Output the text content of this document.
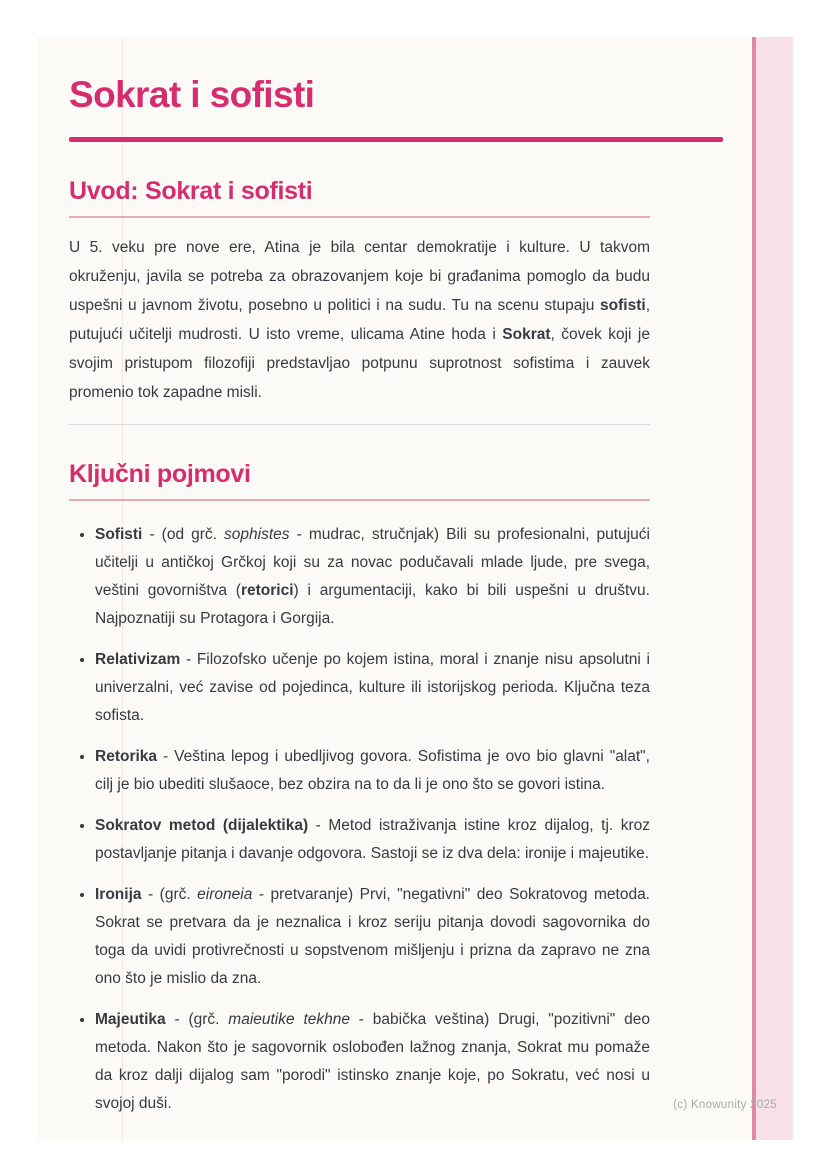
Sokrat i sofisti
Uvod: Sokrat i sofisti

U 5. veku pre nove ere, Atina je bila centar demokratije i kulture. U takvom okruženju, javila se potreba za obrazovanjem koje bi građanima pomoglo da budu uspešni u javnom životu, posebno u politici i na sudu. Tu na scenu stupaju sofisti, putujući učitelji mudrosti. U isto vreme, ulicama Atine hoda i Sokrat, čovek koji je svojim pristupom filozofiji predstavljao potpunu suprotnost sofistima i zauvek promenio tok zapadne misli.

Ključni pojmovi
• Sofisti - (od grč. sophistes - mudrac, stručnjak) Bili su profesionalni, putujući učitelji u antičkoj Grčkoj koji su za novac podučavali mlade ljude, pre svega, veštini govorništva (retorici) i argumentaciji, kako bi bili uspešni u društvu. Najpoznatiji su Protagora i Gorgija.
• Relativizam - Filozofsko učenje po kojem istina, moral i znanje nisu apsolutni i univerzalni, već zavise od pojedinca, kulture ili istorijskog perioda. Ključna teza sofista.
• Retorika - Veština lepog i ubedljivog govora. Sofistima je ovo bio glavni "alat", cilj je bio ubediti slušaoce, bez obzira na to da li je ono što se govori istina.
• Sokratov metod (dijalektika) - Metod istraživanja istine kroz dijalog, tj. kroz postavljanje pitanja i davanje odgovora. Sastoji se iz dva dela: ironije i majeutike.
• Ironija - (grč. eironeia - pretvaranje) Prvi, "negativni" deo Sokratovog metoda. Sokrat se pretvara da je neznalica i kroz seriju pitanja dovodi sagovornika do toga da uvidi protivrečnosti u sopstvenom mišljenju i prizna da zapravo ne zna ono što je mislio da zna.
• Majeutika - (grč. maieutike tekhne - babička veština) Drugi, "pozitivni" deo metoda. Nakon što je sagovornik oslobođen lažnog znanja, Sokrat mu pomaže da kroz dalji dijalog sam "porodi" istinsko znanje koje, po Sokratu, već nosi u svojoj duši.	(c) Knowunity 2025
